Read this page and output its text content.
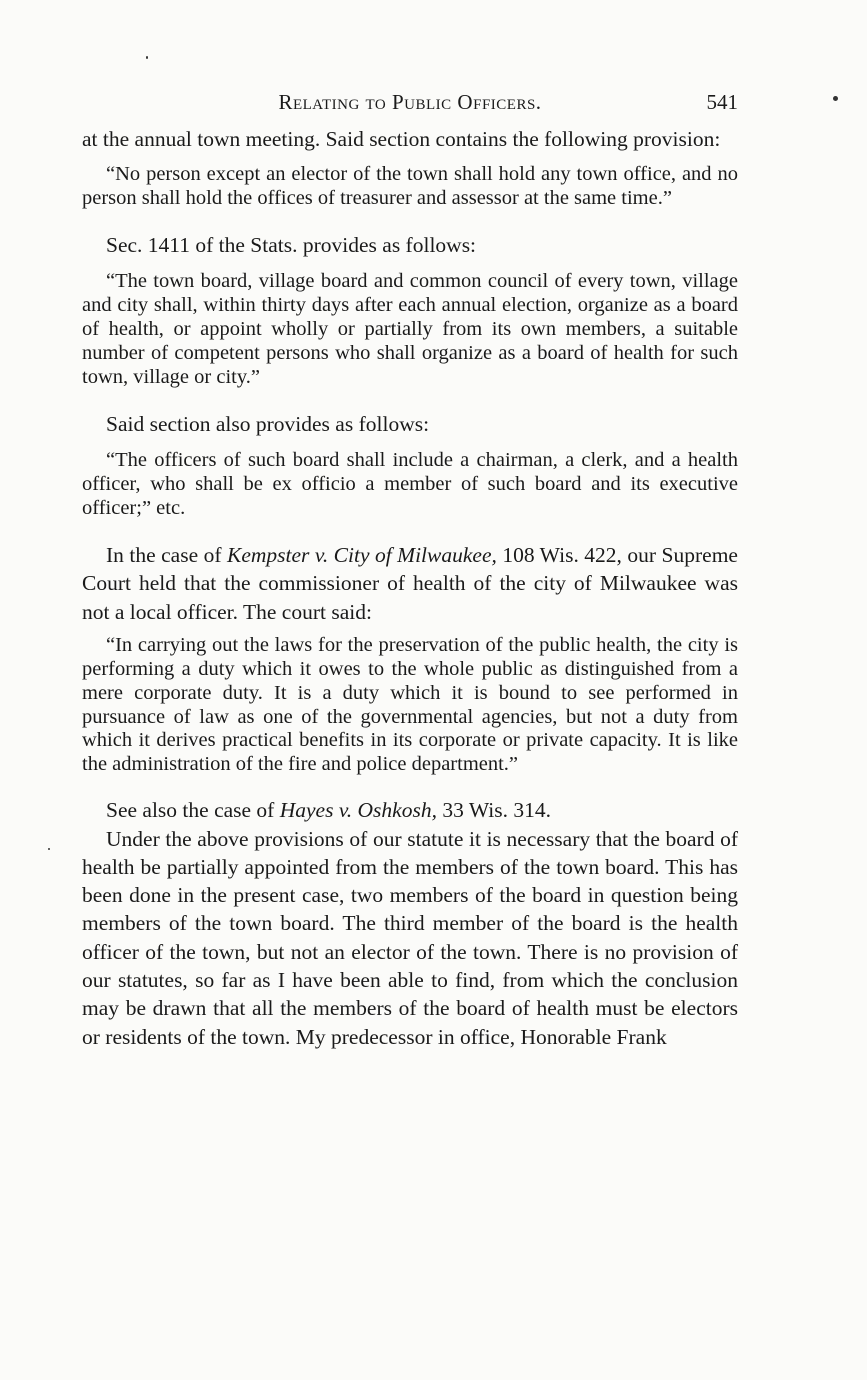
Relating to Public Officers.	541

at the annual town meeting. Said section contains the following provision:

“No person except an elector of the town shall hold any town office, and no person shall hold the offices of treasurer and assessor at the same time.”

Sec. 1411 of the Stats. provides as follows:

“The town board, village board and common council of every town, village and city shall, within thirty days after each annual election, organize as a board of health, or appoint wholly or partially from its own members, a suitable number of competent persons who shall organize as a board of health for such town, village or city.”

Said section also provides as follows:

“The officers of such board shall include a chairman, a clerk, and a health officer, who shall be ex officio a member of such board and its executive officer;” etc.

In the case of Kempster v. City of Milwaukee, 108 Wis. 422, our Supreme Court held that the commissioner of health of the city of Milwaukee was not a local officer. The court said:

“In carrying out the laws for the preservation of the public health, the city is performing a duty which it owes to the whole public as distinguished from a mere corporate duty. It is a duty which it is bound to see performed in pursuance of law as one of the governmental agencies, but not a duty from which it derives practical benefits in its corporate or private capacity. It is like the administration of the fire and police department.”

See also the case of Hayes v. Oshkosh, 33 Wis. 314.

Under the above provisions of our statute it is necessary that the board of health be partially appointed from the members of the town board. This has been done in the present case, two members of the board in question being members of the town board. The third member of the board is the health officer of the town, but not an elector of the town. There is no provision of our statutes, so far as I have been able to find, from which the conclusion may be drawn that all the members of the board of health must be electors or residents of the town. My predecessor in office, Honorable Frank
